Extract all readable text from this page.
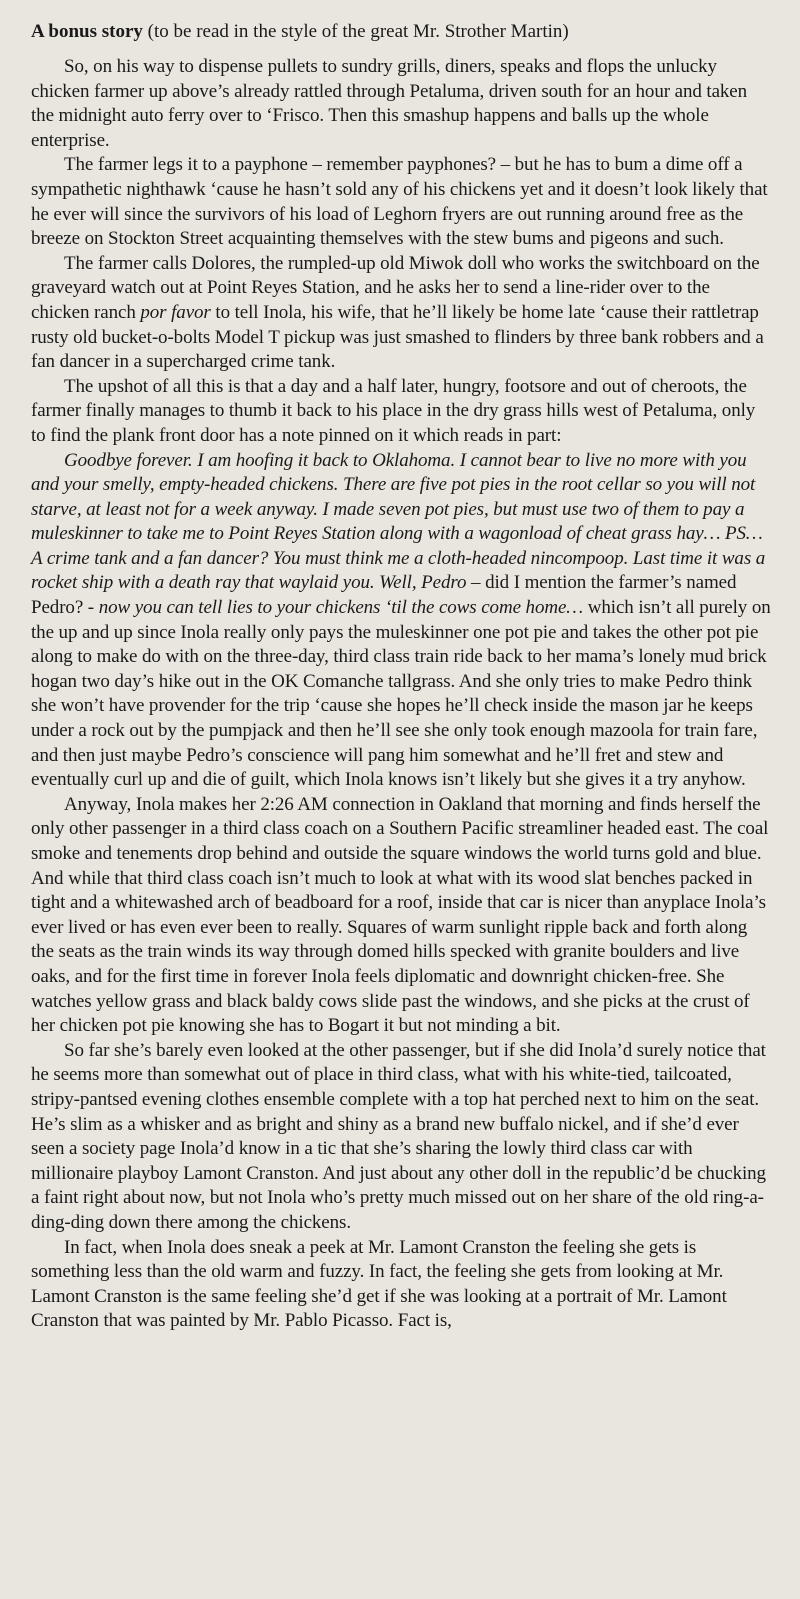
A bonus story (to be read in the style of the great Mr. Strother Martin)

So, on his way to dispense pullets to sundry grills, diners, speaks and flops the unlucky chicken farmer up above’s already rattled through Petaluma, driven south for an hour and taken the midnight auto ferry over to ‘Frisco. Then this smashup happens and balls up the whole enterprise.

The farmer legs it to a payphone – remember payphones? – but he has to bum a dime off a sympathetic nighthawk ‘cause he hasn’t sold any of his chickens yet and it doesn’t look likely that he ever will since the survivors of his load of Leghorn fryers are out running around free as the breeze on Stockton Street acquainting themselves with the stew bums and pigeons and such.

The farmer calls Dolores, the rumpled-up old Miwok doll who works the switchboard on the graveyard watch out at Point Reyes Station, and he asks her to send a line-rider over to the chicken ranch por favor to tell Inola, his wife, that he’ll likely be home late ‘cause their rattletrap rusty old bucket-o-bolts Model T pickup was just smashed to flinders by three bank robbers and a fan dancer in a supercharged crime tank.

The upshot of all this is that a day and a half later, hungry, footsore and out of cheroots, the farmer finally manages to thumb it back to his place in the dry grass hills west of Petaluma, only to find the plank front door has a note pinned on it which reads in part:

Goodbye forever. I am hoofing it back to Oklahoma. I cannot bear to live no more with you and your smelly, empty-headed chickens. There are five pot pies in the root cellar so you will not starve, at least not for a week anyway. I made seven pot pies, but must use two of them to pay a muleskinner to take me to Point Reyes Station along with a wagonload of cheat grass hay… PS… A crime tank and a fan dancer? You must think me a cloth-headed nincompoop. Last time it was a rocket ship with a death ray that waylaid you. Well, Pedro – did I mention the farmer’s named Pedro? - now you can tell lies to your chickens ‘til the cows come home… which isn’t all purely on the up and up since Inola really only pays the muleskinner one pot pie and takes the other pot pie along to make do with on the three-day, third class train ride back to her mama’s lonely mud brick hogan two day’s hike out in the OK Comanche tallgrass. And she only tries to make Pedro think she won’t have provender for the trip ‘cause she hopes he’ll check inside the mason jar he keeps under a rock out by the pumpjack and then he’ll see she only took enough mazoola for train fare, and then just maybe Pedro’s conscience will pang him somewhat and he’ll fret and stew and eventually curl up and die of guilt, which Inola knows isn’t likely but she gives it a try anyhow.

Anyway, Inola makes her 2:26 AM connection in Oakland that morning and finds herself the only other passenger in a third class coach on a Southern Pacific streamliner headed east. The coal smoke and tenements drop behind and outside the square windows the world turns gold and blue. And while that third class coach isn’t much to look at what with its wood slat benches packed in tight and a whitewashed arch of beadboard for a roof, inside that car is nicer than anyplace Inola’s ever lived or has even ever been to really. Squares of warm sunlight ripple back and forth along the seats as the train winds its way through domed hills specked with granite boulders and live oaks, and for the first time in forever Inola feels diplomatic and downright chicken-free. She watches yellow grass and black baldy cows slide past the windows, and she picks at the crust of her chicken pot pie knowing she has to Bogart it but not minding a bit.

So far she’s barely even looked at the other passenger, but if she did Inola’d surely notice that he seems more than somewhat out of place in third class, what with his white-tied, tailcoated, stripy-pantsed evening clothes ensemble complete with a top hat perched next to him on the seat. He’s slim as a whisker and as bright and shiny as a brand new buffalo nickel, and if she’d ever seen a society page Inola’d know in a tic that she’s sharing the lowly third class car with millionaire playboy Lamont Cranston. And just about any other doll in the republic’d be chucking a faint right about now, but not Inola who’s pretty much missed out on her share of the old ring-a-ding-ding down there among the chickens.

In fact, when Inola does sneak a peek at Mr. Lamont Cranston the feeling she gets is something less than the old warm and fuzzy. In fact, the feeling she gets from looking at Mr. Lamont Cranston is the same feeling she’d get if she was looking at a portrait of Mr. Lamont Cranston that was painted by Mr. Pablo Picasso. Fact is,
